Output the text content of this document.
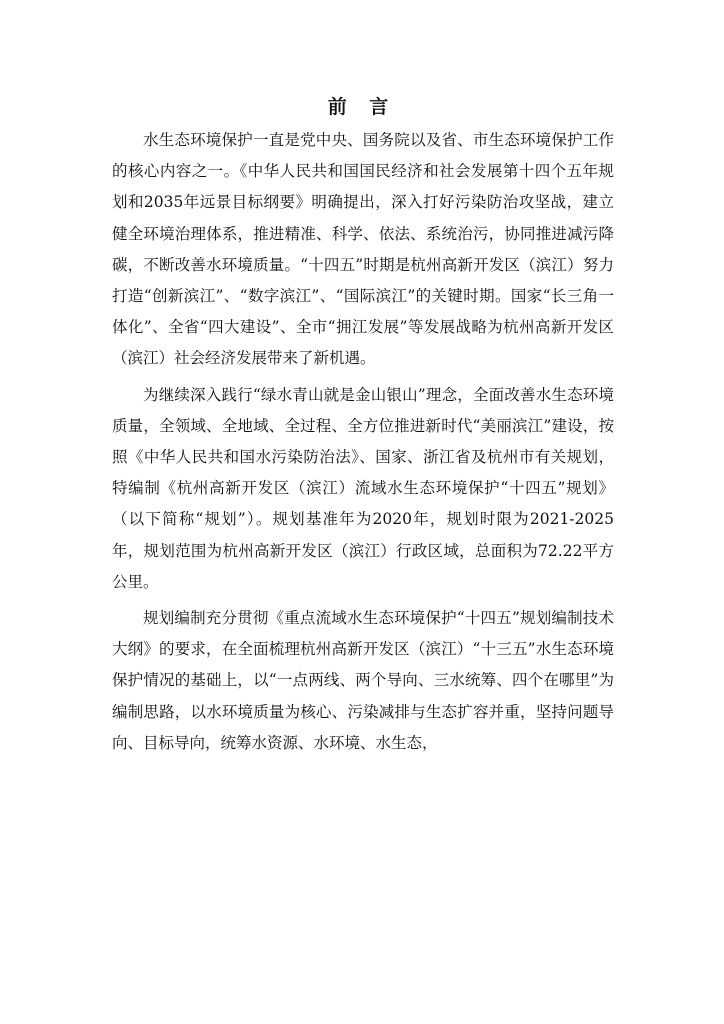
前 言

水生态环境保护一直是党中央、国务院以及省、市生态环境保护工作的核心内容之一。《中华人民共和国国民经济和社会发展第十四个五年规划和2035年远景目标纲要》明确提出，深入打好污染防治攻坚战，建立健全环境治理体系，推进精准、科学、依法、系统治污，协同推进减污降碳，不断改善水环境质量。“十四五”时期是杭州高新开发区（滨江）努力打造“创新滨江”、“数字滨江”、“国际滨江”的关键时期。国家“长三角一体化”、全省“四大建设”、全市“拥江发展”等发展战略为杭州高新开发区（滨江）社会经济发展带来了新机遇。

为继续深入践行“绿水青山就是金山银山”理念，全面改善水生态环境质量，全领域、全地域、全过程、全方位推进新时代“美丽滨江”建设，按照《中华人民共和国水污染防治法》、国家、浙江省及杭州市有关规划，特编制《杭州高新开发区（滨江）流域水生态环境保护“十四五”规划》（以下简称“规划”）。规划基准年为2020年，规划时限为2021-2025年，规划范围为杭州高新开发区（滨江）行政区域，总面积为72.22平方公里。

规划编制充分贯彻《重点流域水生态环境保护“十四五”规划编制技术大纲》的要求，在全面梳理杭州高新开发区（滨江）“十三五”水生态环境保护情况的基础上，以“一点两线、两个导向、三水统筹、四个在哪里”为编制思路，以水环境质量为核心、污染减排与生态扩容并重，坚持问题导向、目标导向，统筹水资源、水环境、水生态，
